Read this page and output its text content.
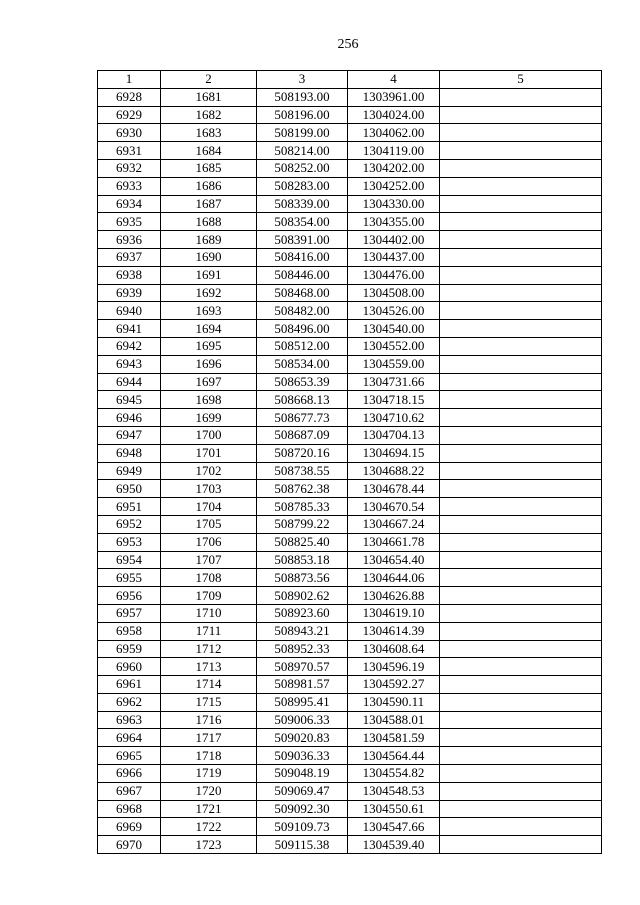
256
1	2	3	4	5
6928	1681	508193.00	1303961.00	
6929	1682	508196.00	1304024.00	
6930	1683	508199.00	1304062.00	
6931	1684	508214.00	1304119.00	
6932	1685	508252.00	1304202.00	
6933	1686	508283.00	1304252.00	
6934	1687	508339.00	1304330.00	
6935	1688	508354.00	1304355.00	
6936	1689	508391.00	1304402.00	
6937	1690	508416.00	1304437.00	
6938	1691	508446.00	1304476.00	
6939	1692	508468.00	1304508.00	
6940	1693	508482.00	1304526.00	
6941	1694	508496.00	1304540.00	
6942	1695	508512.00	1304552.00	
6943	1696	508534.00	1304559.00	
6944	1697	508653.39	1304731.66	
6945	1698	508668.13	1304718.15	
6946	1699	508677.73	1304710.62	
6947	1700	508687.09	1304704.13	
6948	1701	508720.16	1304694.15	
6949	1702	508738.55	1304688.22	
6950	1703	508762.38	1304678.44	
6951	1704	508785.33	1304670.54	
6952	1705	508799.22	1304667.24	
6953	1706	508825.40	1304661.78	
6954	1707	508853.18	1304654.40	
6955	1708	508873.56	1304644.06	
6956	1709	508902.62	1304626.88	
6957	1710	508923.60	1304619.10	
6958	1711	508943.21	1304614.39	
6959	1712	508952.33	1304608.64	
6960	1713	508970.57	1304596.19	
6961	1714	508981.57	1304592.27	
6962	1715	508995.41	1304590.11	
6963	1716	509006.33	1304588.01	
6964	1717	509020.83	1304581.59	
6965	1718	509036.33	1304564.44	
6966	1719	509048.19	1304554.82	
6967	1720	509069.47	1304548.53	
6968	1721	509092.30	1304550.61	
6969	1722	509109.73	1304547.66	
6970	1723	509115.38	1304539.40	
